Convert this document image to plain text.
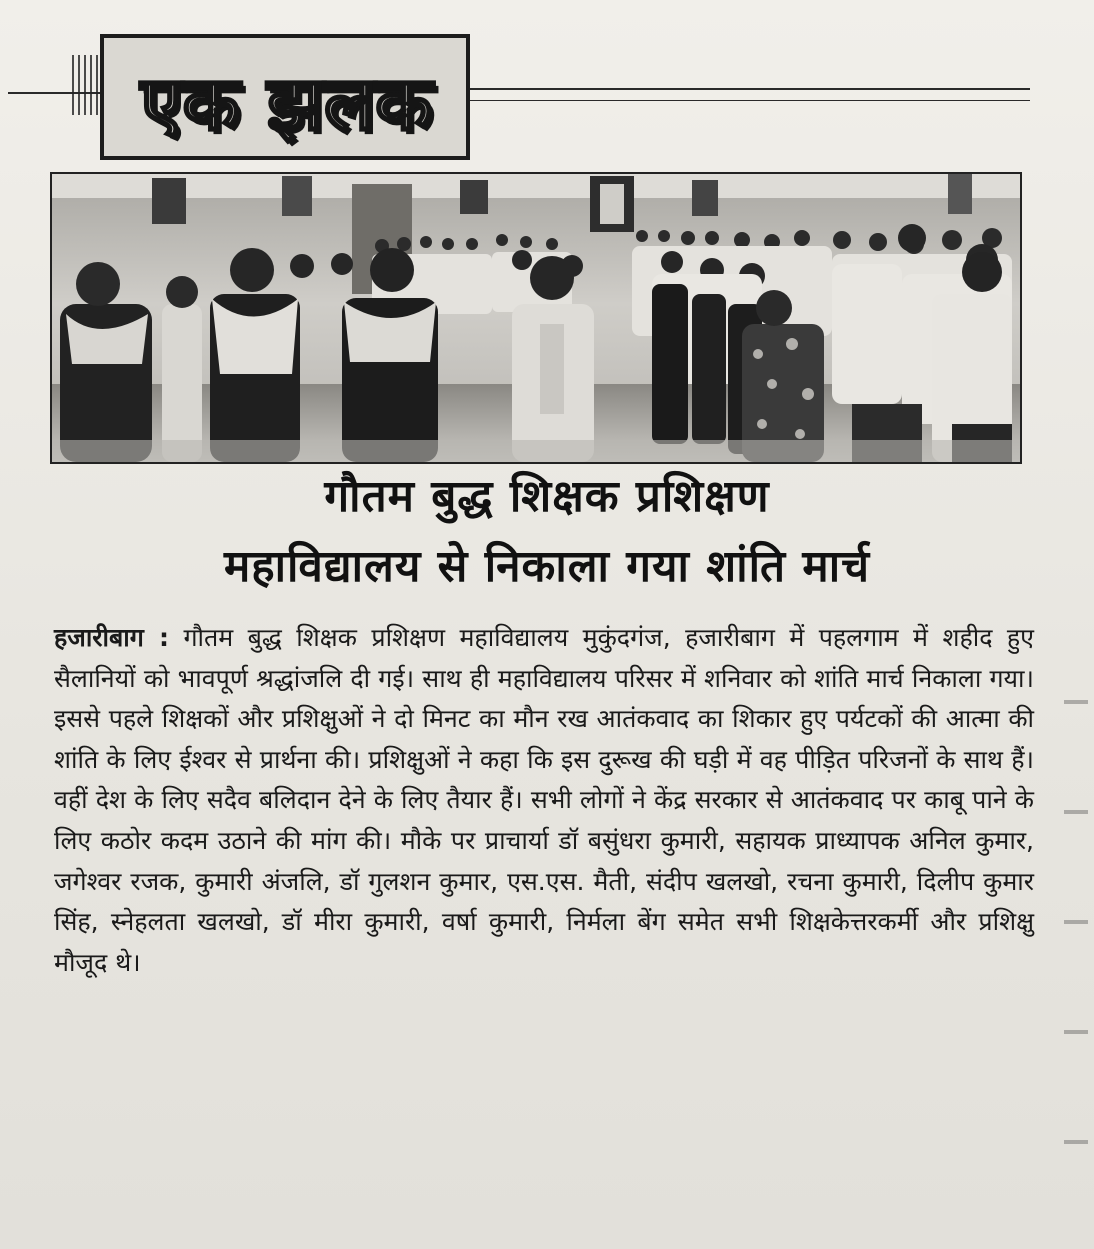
एक झलक
गौतम बुद्ध शिक्षक प्रशिक्षण
महाविद्यालय से निकाला गया शांति मार्च
हजारीबाग : गौतम बुद्ध शिक्षक प्रशिक्षण महाविद्यालय मुकुंदगंज, हजारीबाग में पहलगाम में शहीद हुए सैलानियों को भावपूर्ण श्रद्धांजलि दी गई। साथ ही महाविद्यालय परिसर में शनिवार को शांति मार्च निकाला गया। इससे पहले शिक्षकों और प्रशिक्षुओं ने दो मिनट का मौन रख आतंकवाद का शिकार हुए पर्यटकों की आत्मा की शांति के लिए ईश्वर से प्रार्थना की। प्रशिक्षुओं ने कहा कि इस दुरूख की घड़ी में वह पीड़ित परिजनों के साथ हैं। वहीं देश के लिए सदैव बलिदान देने के लिए तैयार हैं। सभी लोगों ने केंद्र सरकार से आतंकवाद पर काबू पाने के लिए कठोर कदम उठाने की मांग की। मौके पर प्राचार्या डॉ बसुंधरा कुमारी, सहायक प्राध्यापक अनिल कुमार, जगेश्वर रजक, कुमारी अंजलि, डॉ गुलशन कुमार, एस.एस. मैती, संदीप खलखो, रचना कुमारी, दिलीप कुमार सिंह, स्नेहलता खलखो, डॉ मीरा कुमारी, वर्षा कुमारी, निर्मला बेंग समेत सभी शिक्षकेत्तरकर्मी और प्रशिक्षु मौजूद थे।
